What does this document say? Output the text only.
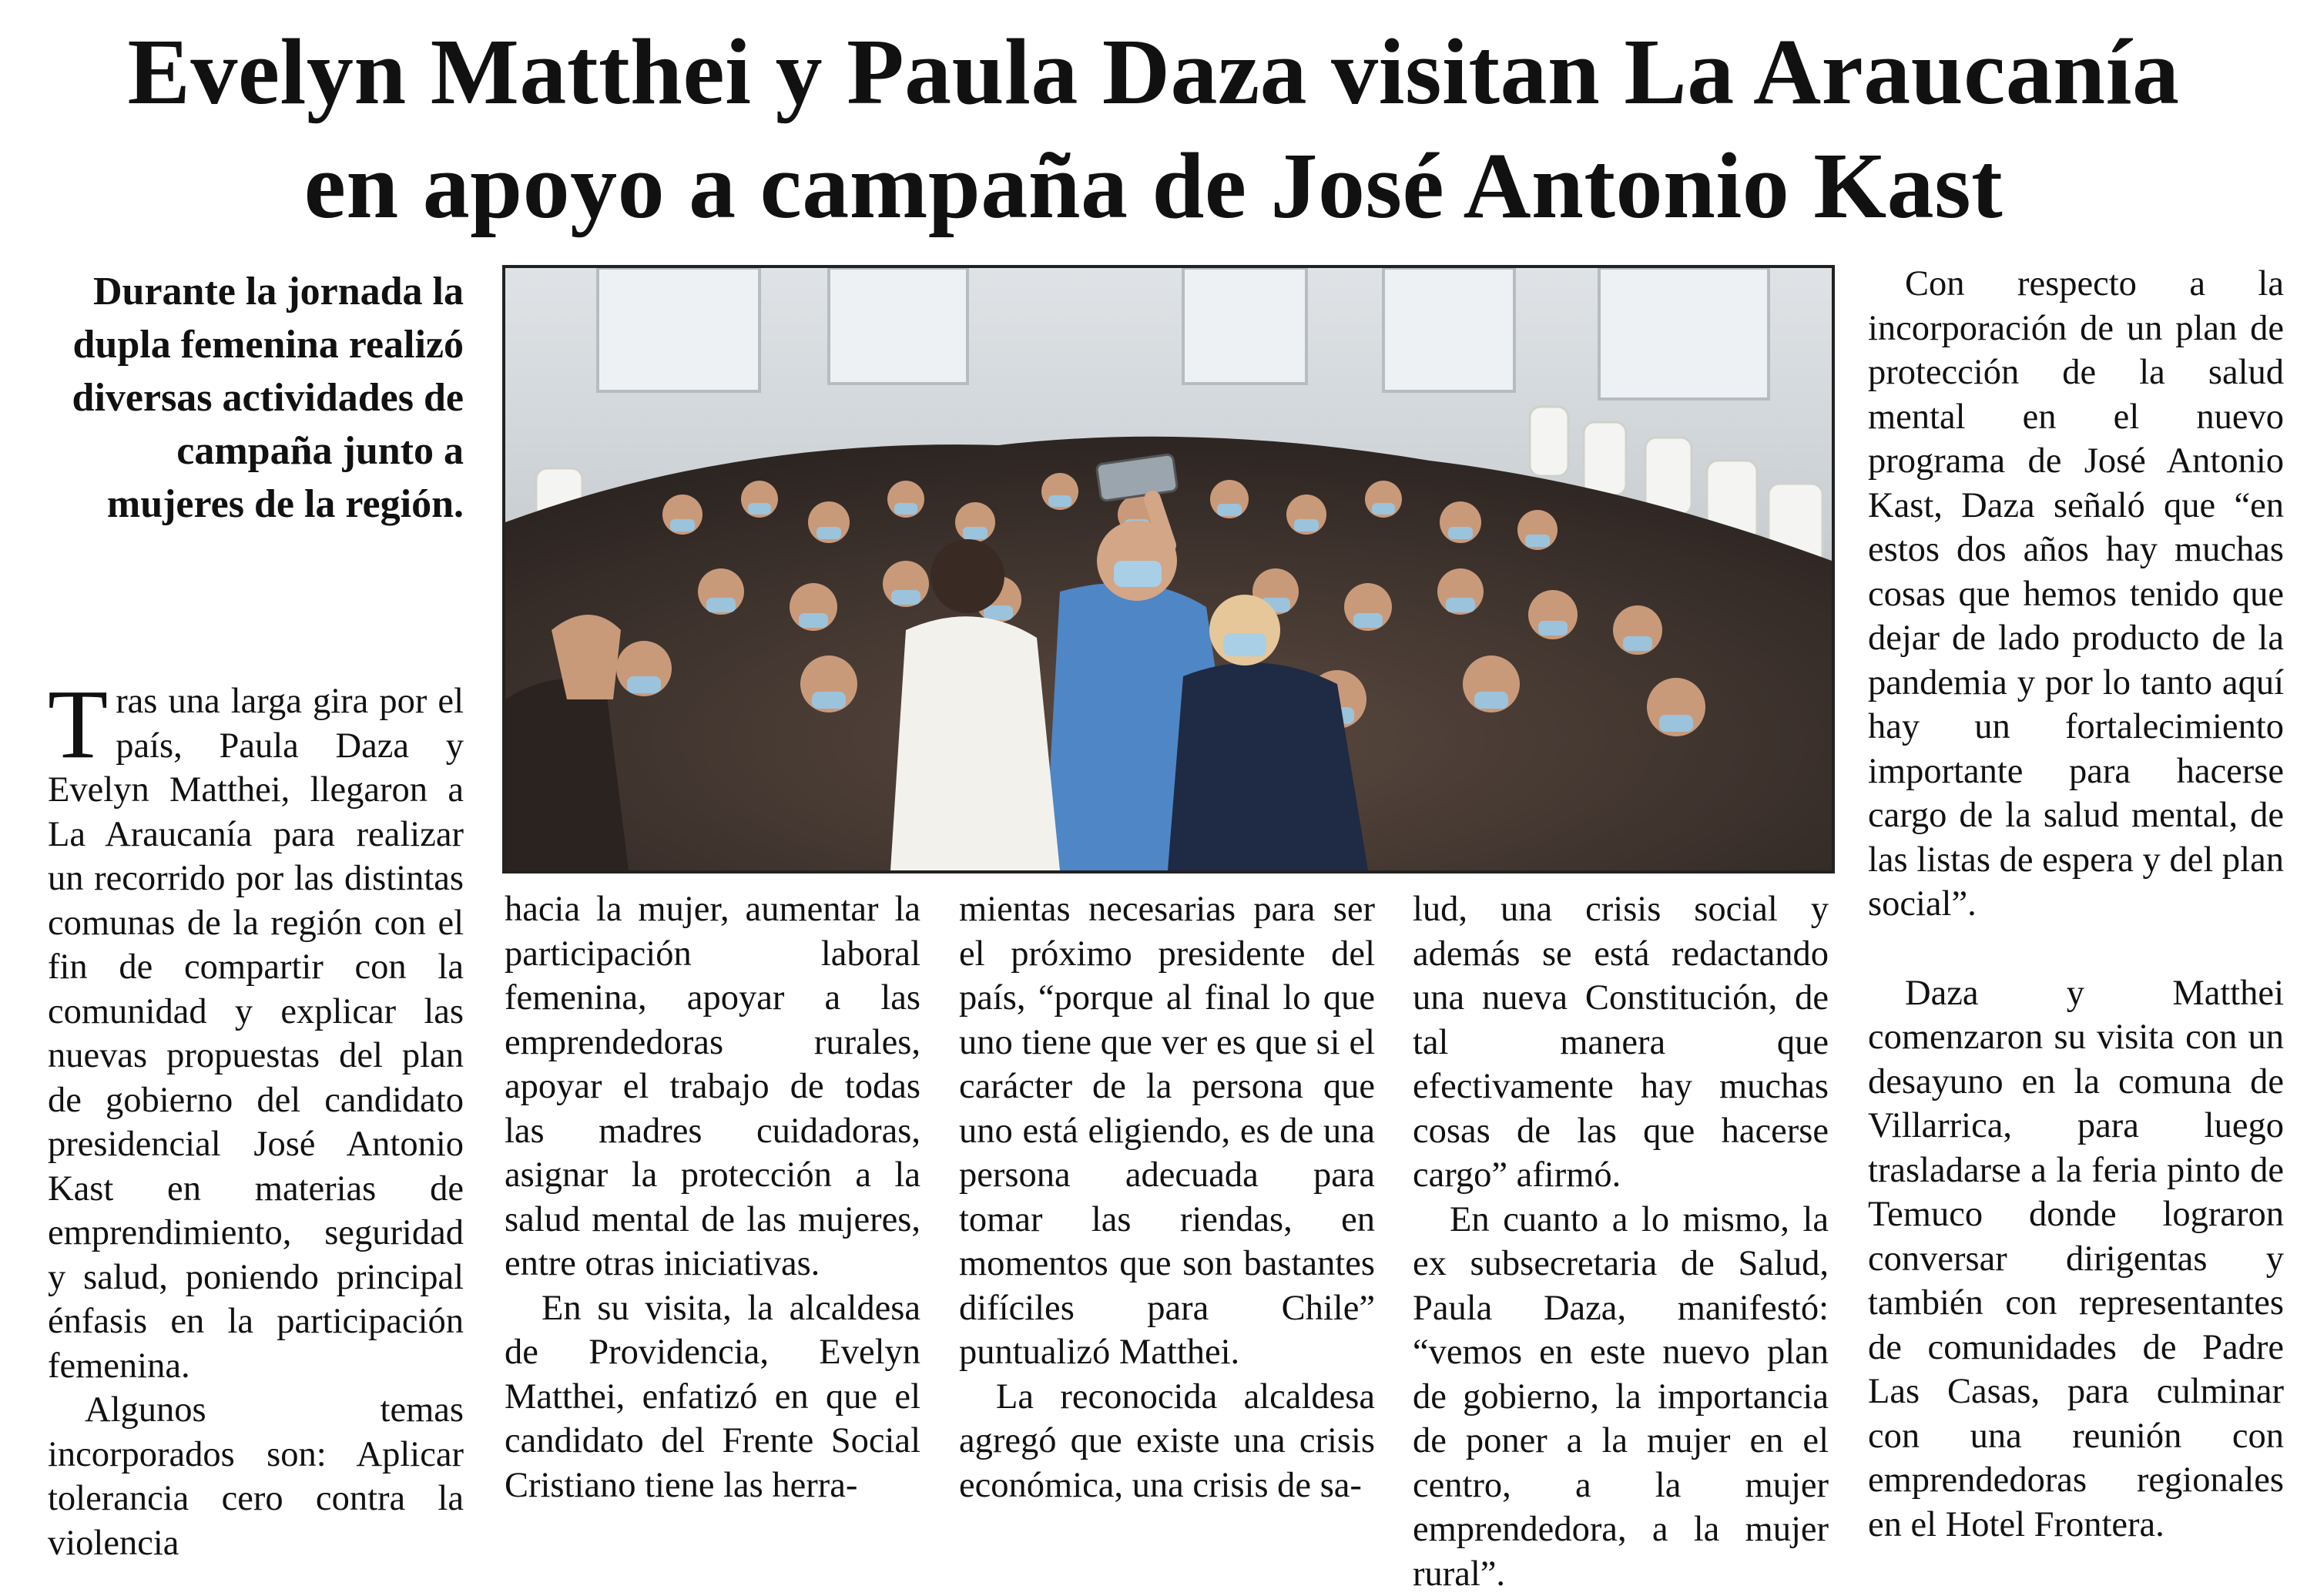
Evelyn Matthei y Paula Daza visitan La Araucanía
en apoyo a campaña de José Antonio Kast
Durante la jornada la dupla femenina realizó diversas actividades de campaña junto a mujeres de la región.

Tras una larga gira por el país, Paula Daza y Evelyn Matthei, llegaron a La Araucanía para realizar un recorrido por las distintas comunas de la región con el fin de compartir con la comunidad y explicar las nuevas propuestas del plan de gobierno del candidato presidencial José Antonio Kast en materias de emprendimiento, seguridad y salud, poniendo principal énfasis en la participación femenina.

Algunos temas incorporados son: Aplicar tolerancia cero contra la violencia

hacia la mujer, aumentar la participación laboral femenina, apoyar a las emprendedoras rurales, apoyar el trabajo de todas las madres cuidadoras, asignar la protección a la salud mental de las mujeres, entre otras iniciativas.

En su visita, la alcaldesa de Providencia, Evelyn Matthei, enfatizó en que el candidato del Frente Social Cristiano tiene las herra-

mientas necesarias para ser el próximo presidente del país, “porque al final lo que uno tiene que ver es que si el carácter de la persona que uno está eligiendo, es de una persona adecuada para tomar las riendas, en momentos que son bastantes difíciles para Chile” puntualizó Matthei.

La reconocida alcaldesa agregó que existe una crisis económica, una crisis de sa-

lud, una crisis social y además se está redactando una nueva Constitución, de tal manera que efectivamente hay muchas cosas de las que hacerse cargo” afirmó.

En cuanto a lo mismo, la ex subsecretaria de Salud, Paula Daza, manifestó: “vemos en este nuevo plan de gobierno, la importancia de poner a la mujer en el centro, a la mujer emprendedora, a la mujer rural”.

Con respecto a la incorporación de un plan de protección de la salud mental en el nuevo programa de José Antonio Kast, Daza señaló que “en estos dos años hay muchas cosas que hemos tenido que dejar de lado producto de la pandemia y por lo tanto aquí hay un fortalecimiento importante para hacerse cargo de la salud mental, de las listas de espera y del plan social”.

Daza y Matthei comenzaron su visita con un desayuno en la comuna de Villarrica, para luego trasladarse a la feria pinto de Temuco donde lograron conversar dirigentas y también con representantes de comunidades de Padre Las Casas, para culminar con una reunión con emprendedoras regionales en el Hotel Frontera.
